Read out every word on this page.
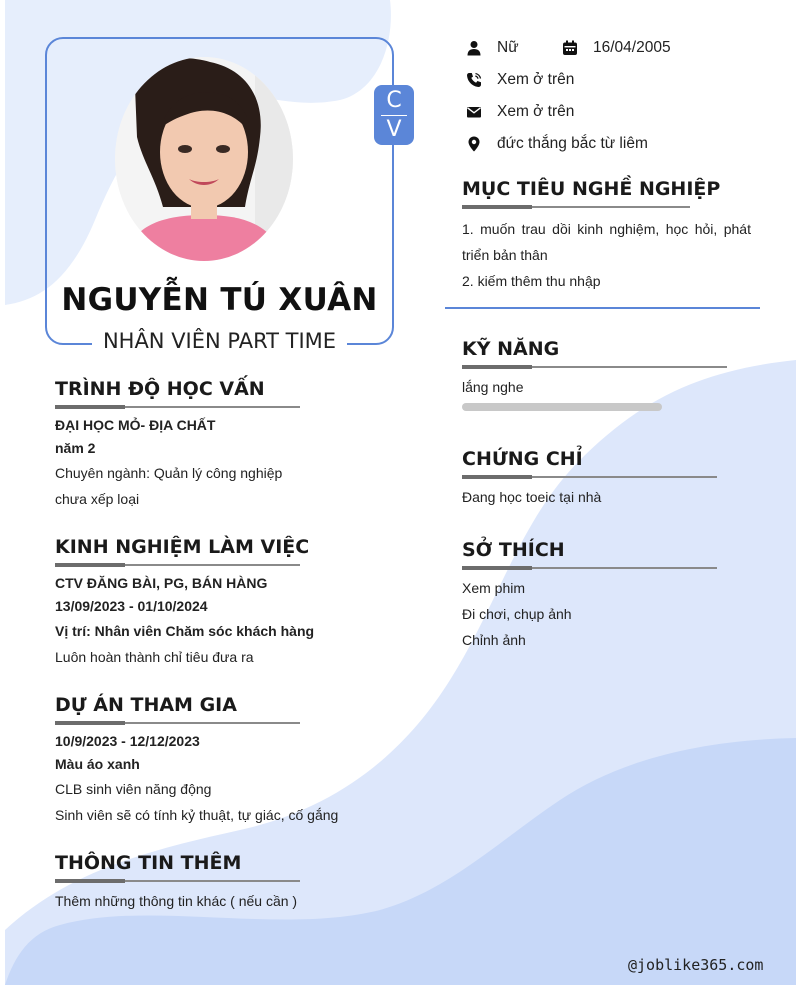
C
V
NGUYỄN TÚ XUÂN
NHÂN VIÊN PART TIME
Nữ	16/04/2005
Xem ở trên
Xem ở trên
đức thắng bắc từ liêm
MỤC TIÊU NGHỀ NGHIỆP
1. muốn trau dồi kinh nghiệm, học hỏi, phát triển bản thân
2. kiếm thêm thu nhập
KỸ NĂNG
lắng nghe
CHỨNG CHỈ
Đang học toeic tại nhà
SỞ THÍCH
Xem phim
Đi chơi, chụp ảnh
Chỉnh ảnh
TRÌNH ĐỘ HỌC VẤN
ĐẠI HỌC MỎ- ĐỊA CHẤT
năm 2
Chuyên ngành: Quản lý công nghiệp
chưa xếp loại
KINH NGHIỆM LÀM VIỆC
CTV ĐĂNG BÀI, PG, BÁN HÀNG
13/09/2023 - 01/10/2024
Vị trí: Nhân viên Chăm sóc khách hàng
Luôn hoàn thành chỉ tiêu đưa ra
DỰ ÁN THAM GIA
10/9/2023 - 12/12/2023
Màu áo xanh
CLB sinh viên năng động
Sinh viên sẽ có tính kỷ thuật, tự giác, cố gắng
THÔNG TIN THÊM
Thêm những thông tin khác ( nếu cần )
@joblike365.com
